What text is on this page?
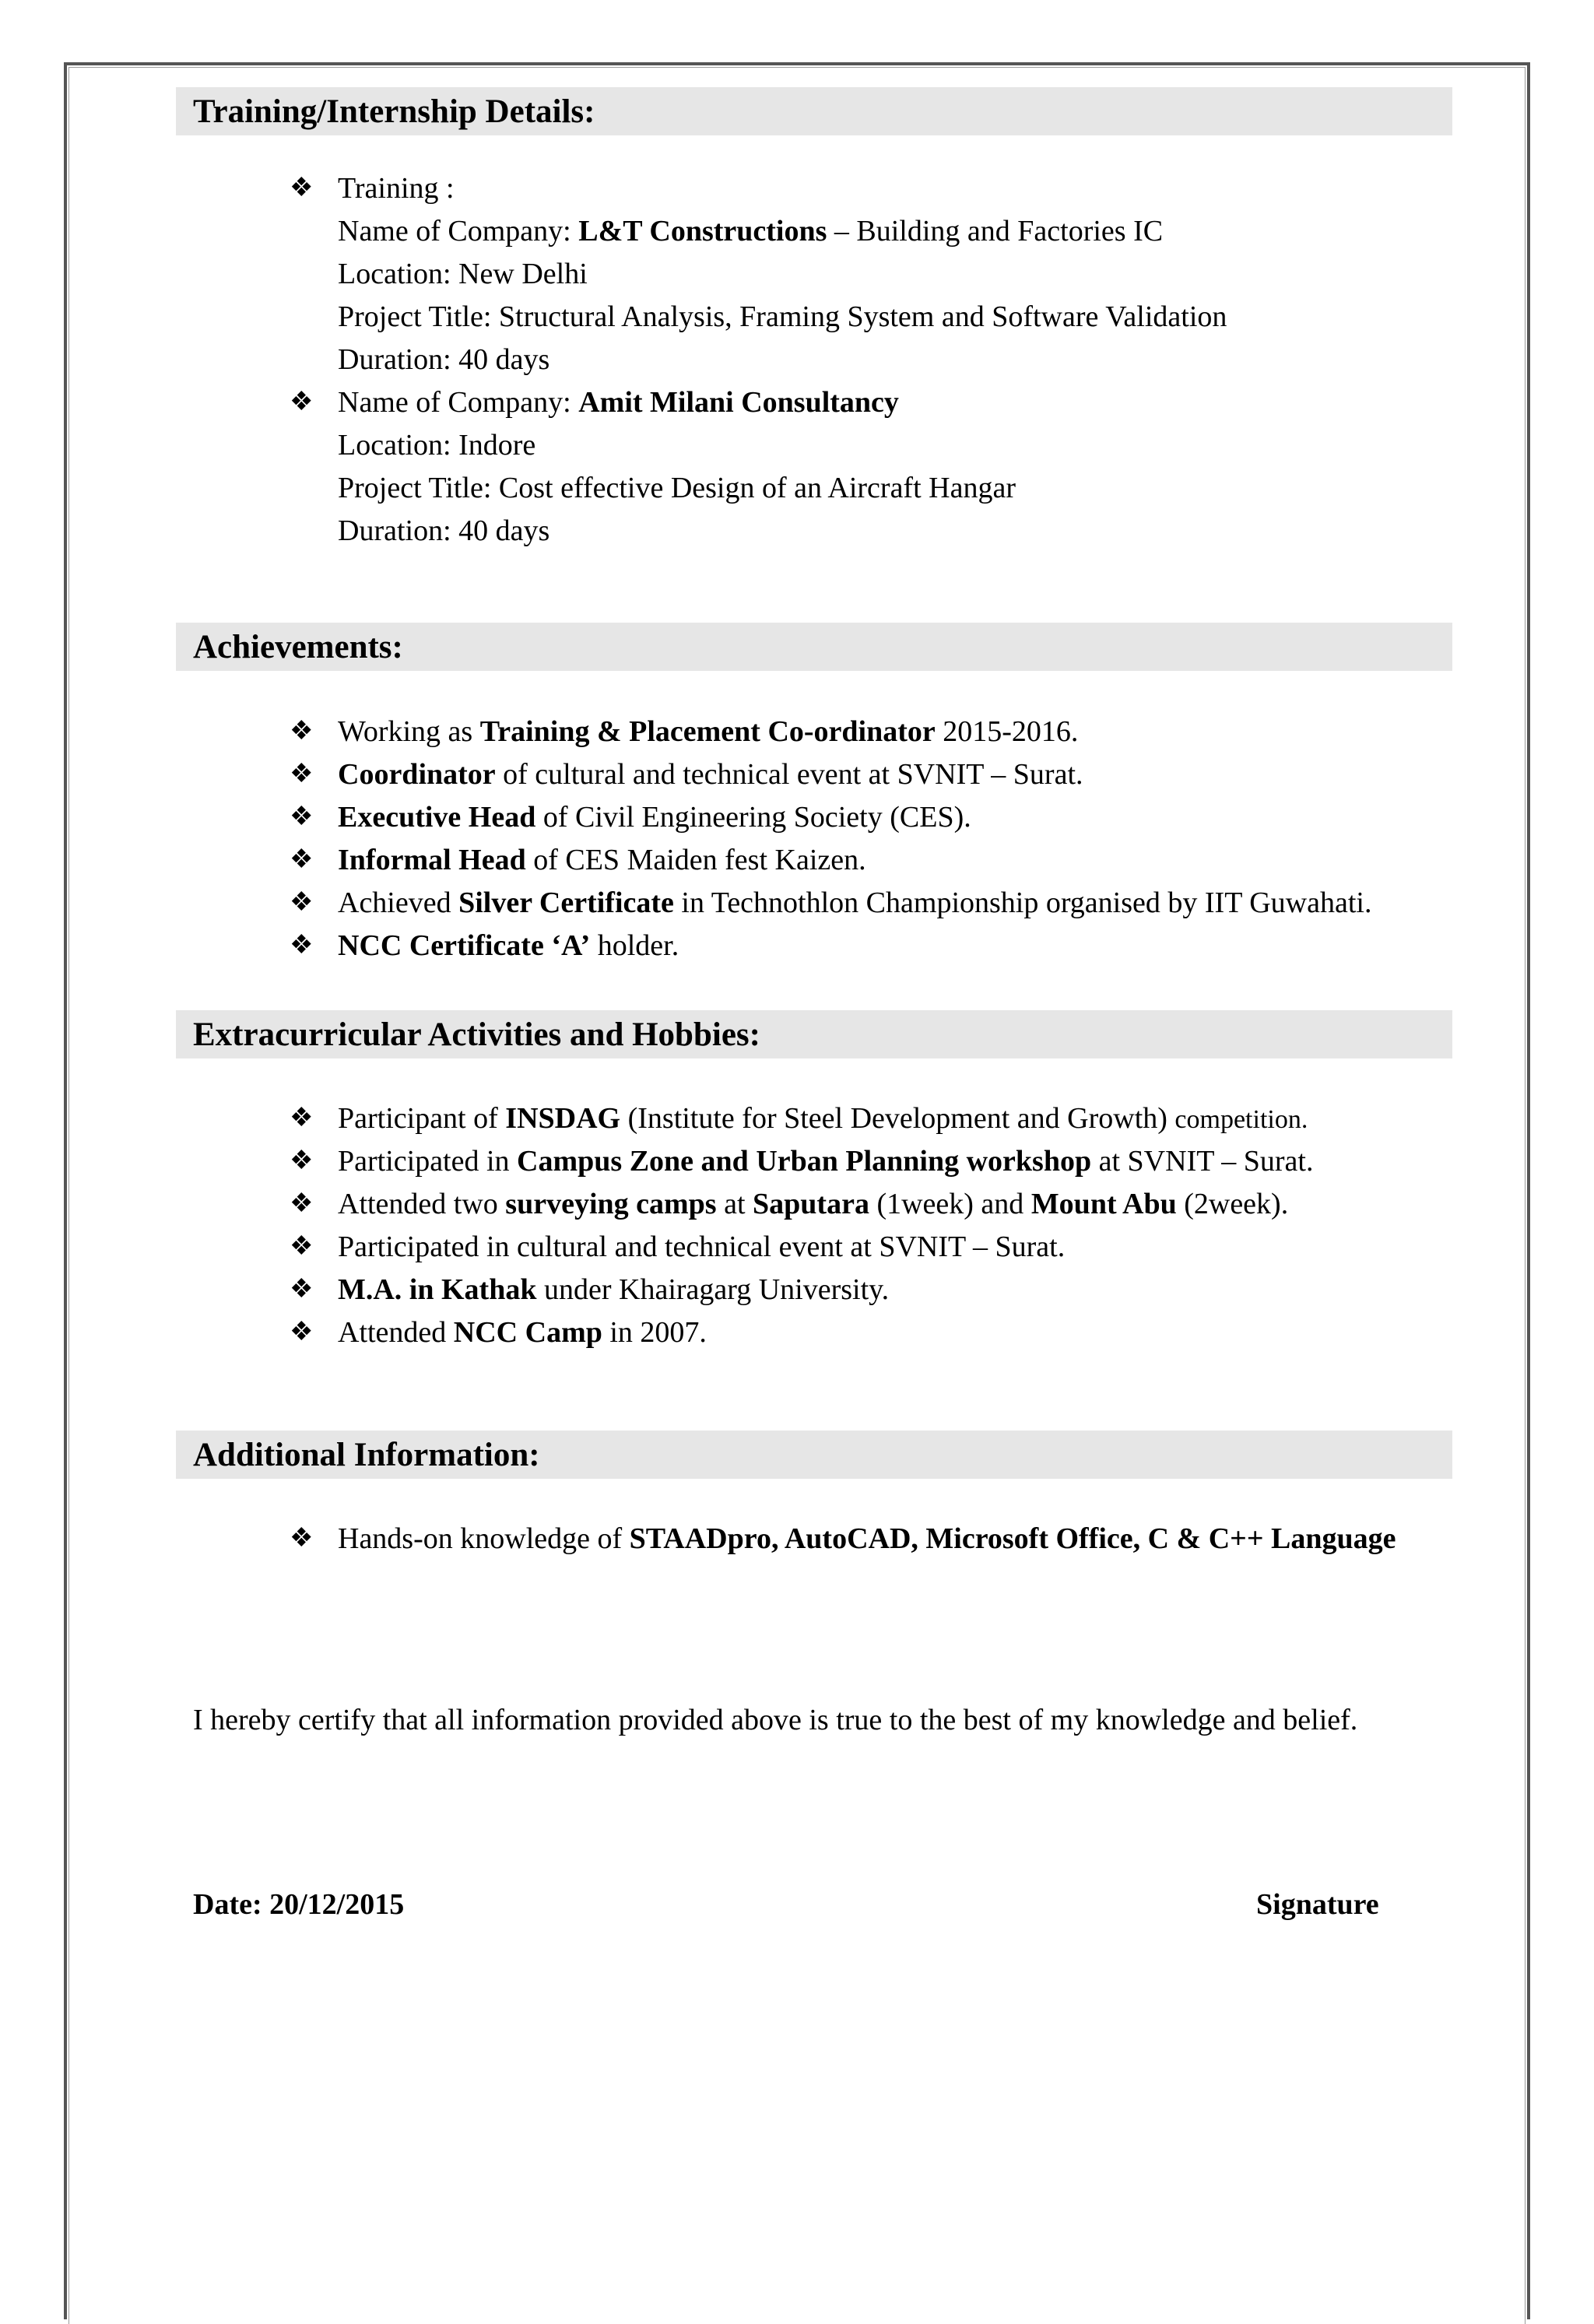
Training/Internship Details:
❖ Training :
Name of Company: L&T Constructions – Building and Factories IC
Location: New Delhi
Project Title: Structural Analysis, Framing System and Software Validation
Duration: 40 days
❖ Name of Company: Amit Milani Consultancy
Location: Indore
Project Title: Cost effective Design of an Aircraft Hangar
Duration: 40 days
Achievements:
❖ Working as Training & Placement Co-ordinator 2015-2016.
❖ Coordinator of cultural and technical event at SVNIT – Surat.
❖ Executive Head of Civil Engineering Society (CES).
❖ Informal Head of CES Maiden fest Kaizen.
❖ Achieved Silver Certificate in Technothlon Championship organised by IIT Guwahati.
❖ NCC Certificate ‘A’ holder.
Extracurricular Activities and Hobbies:
❖ Participant of INSDAG (Institute for Steel Development and Growth) competition.
❖ Participated in Campus Zone and Urban Planning workshop at SVNIT – Surat.
❖ Attended two surveying camps at Saputara (1week) and Mount Abu (2week).
❖ Participated in cultural and technical event at SVNIT – Surat.
❖ M.A. in Kathak under Khairagarg University.
❖ Attended NCC Camp in 2007.
Additional Information:
❖ Hands-on knowledge of STAADpro, AutoCAD, Microsoft Office, C & C++ Language
I hereby certify that all information provided above is true to the best of my knowledge and belief.
Date: 20/12/2015	Signature
